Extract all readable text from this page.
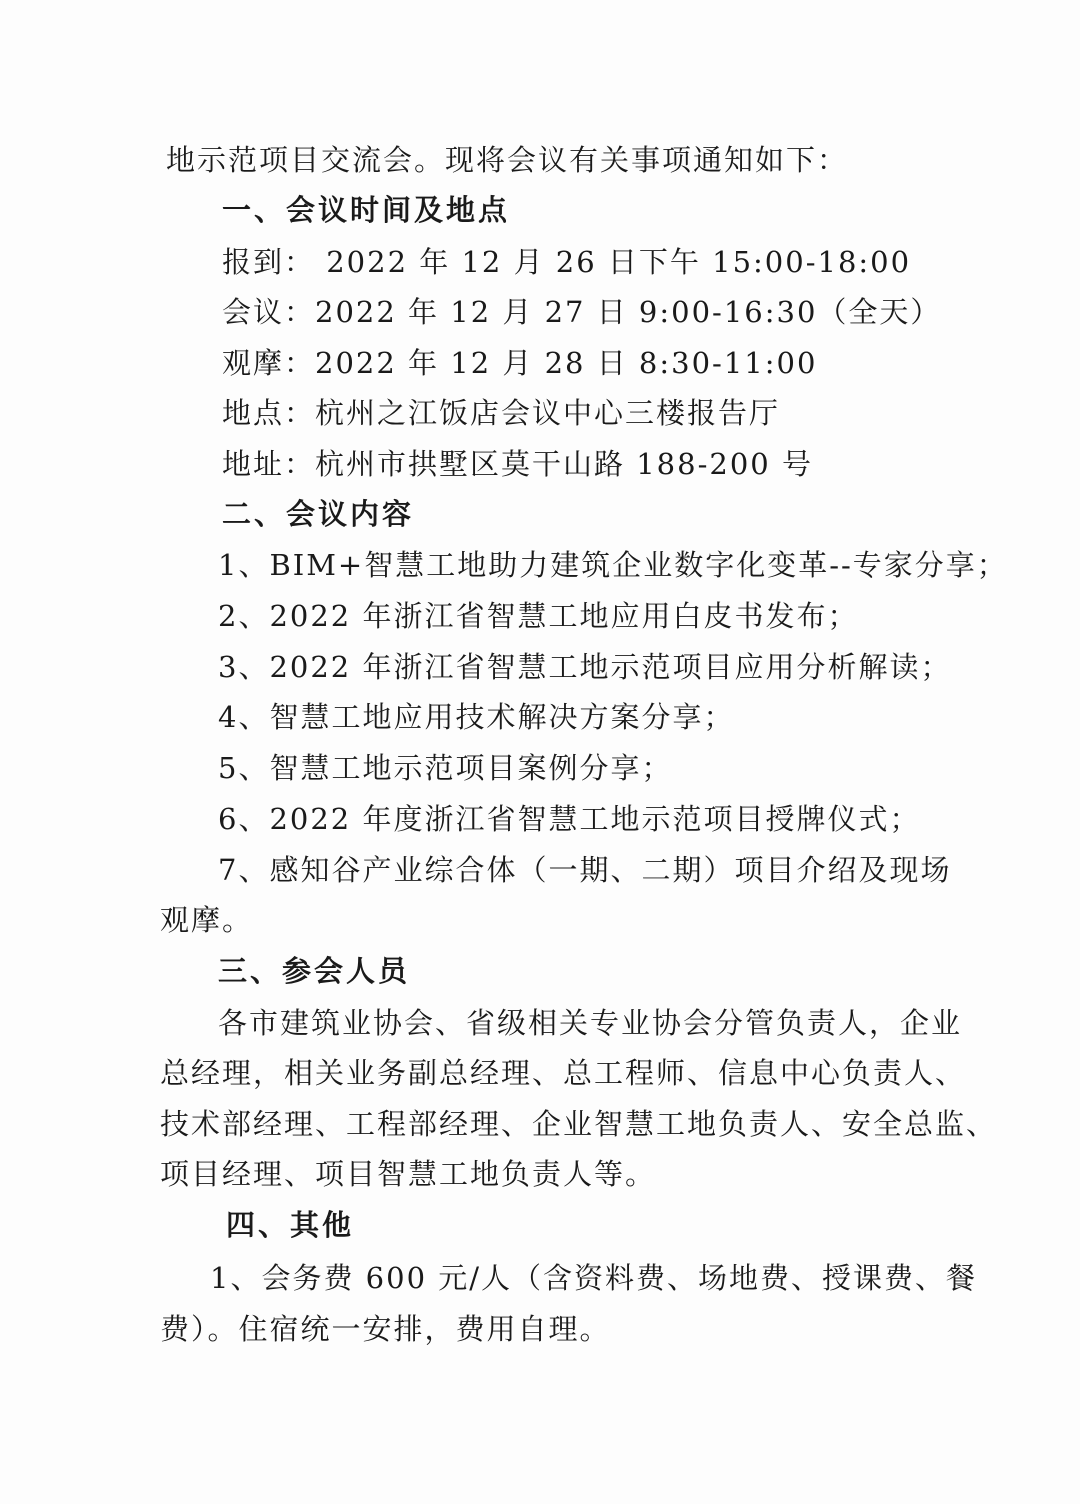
地示范项目交流会。现将会议有关事项通知如下：
一、会议时间及地点
报到： 2022 年 12 月 26 日下午 15:00-18:00
会议：2022 年 12 月 27 日 9:00-16:30（全天）
观摩：2022 年 12 月 28 日 8:30-11:00
地点：杭州之江饭店会议中心三楼报告厅
地址：杭州市拱墅区莫干山路 188-200 号
二、会议内容
1、BIM+智慧工地助力建筑企业数字化变革--专家分享；
2、2022 年浙江省智慧工地应用白皮书发布；
3、2022 年浙江省智慧工地示范项目应用分析解读；
4、智慧工地应用技术解决方案分享；
5、智慧工地示范项目案例分享；
6、2022 年度浙江省智慧工地示范项目授牌仪式；
7、感知谷产业综合体（一期、二期）项目介绍及现场
观摩。
三、参会人员
各市建筑业协会、省级相关专业协会分管负责人，企业
总经理，相关业务副总经理、总工程师、信息中心负责人、
技术部经理、工程部经理、企业智慧工地负责人、安全总监、
项目经理、项目智慧工地负责人等。
四、其他
1、会务费 600 元/人（含资料费、场地费、授课费、餐
费）。住宿统一安排，费用自理。
